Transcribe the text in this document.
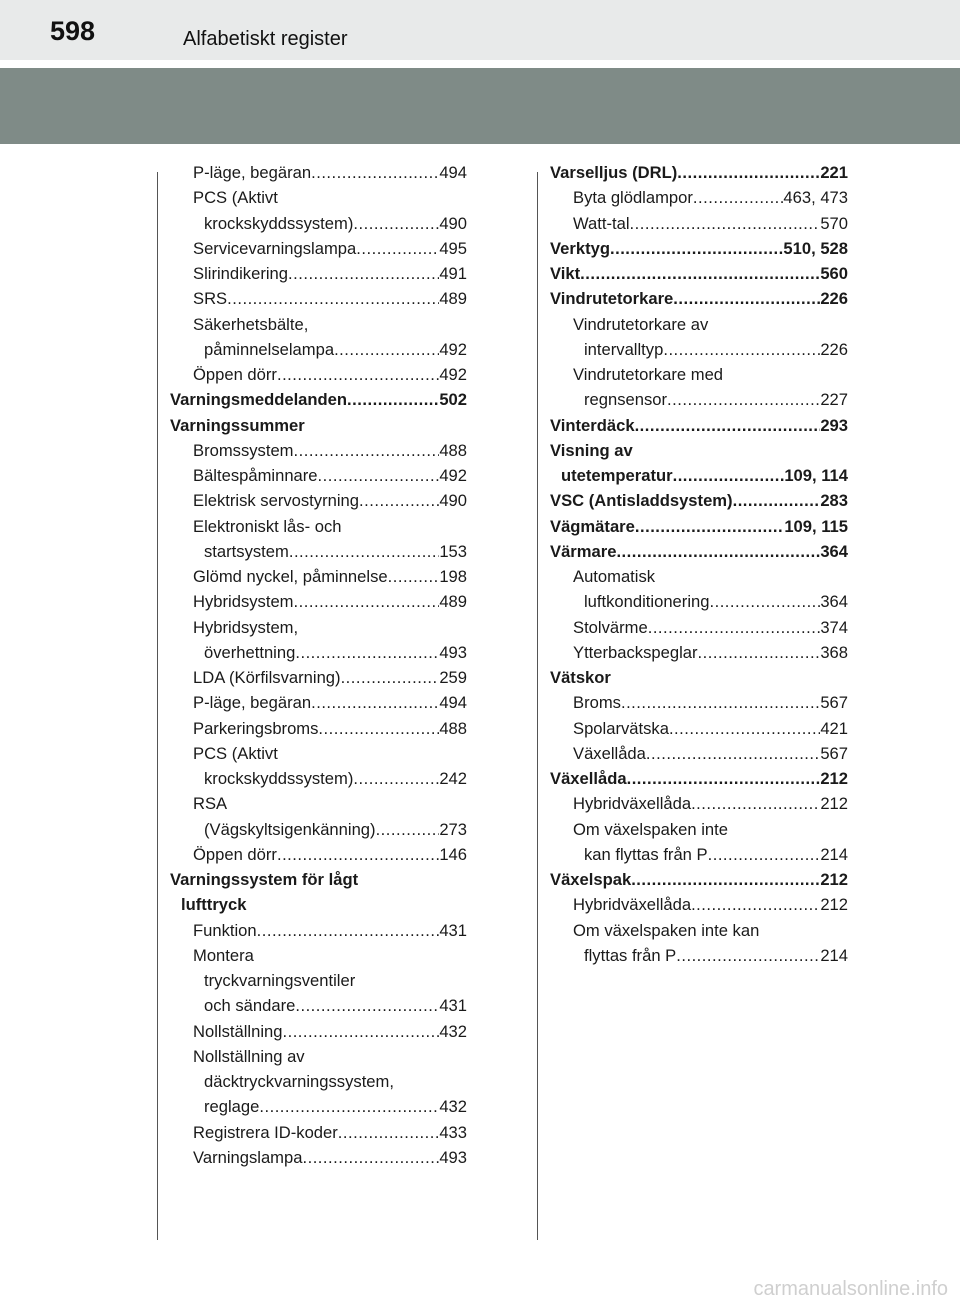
598	Alfabetiskt register
P-läge, begäran .....	494
PCS (Aktivt
krockskyddssystem) .....	490
Servicevarningslampa .....	495
Slirindikering .....	491
SRS .....	489
Säkerhetsbälte,
påminnelselampa .....	492
Öppen dörr .....	492
Varningsmeddelanden .....	502
Varningssummer
Bromssystem .....	488
Bältespåminnare .....	492
Elektrisk servostyrning .....	490
Elektroniskt lås- och
startsystem .....	153
Glömd nyckel, påminnelse .....	198
Hybridsystem .....	489
Hybridsystem,
överhettning .....	493
LDA (Körfilsvarning) .....	259
P-läge, begäran .....	494
Parkeringsbroms .....	488
PCS (Aktivt
krockskyddssystem) .....	242
RSA
(Vägskyltsigenkänning) .....	273
Öppen dörr .....	146
Varningssystem för lågt
lufttryck
Funktion .....	431
Montera
tryckvarningsventiler
och sändare .....	431
Nollställning .....	432
Nollställning av
däcktryckvarningssystem,
reglage .....	432
Registrera ID-koder .....	433
Varningslampa .....	493
Varselljus (DRL) .....	221
Byta glödlampor .....	463, 473
Watt-tal .....	570
Verktyg .....	510, 528
Vikt .....	560
Vindrutetorkare .....	226
Vindrutetorkare av
intervalltyp .....	226
Vindrutetorkare med
regnsensor .....	227
Vinterdäck .....	293
Visning av
utetemperatur .....	109, 114
VSC (Antisladdsystem) .....	283
Vägmätare .....	109, 115
Värmare .....	364
Automatisk
luftkonditionering .....	364
Stolvärme .....	374
Ytterbackspeglar .....	368
Vätskor
Broms .....	567
Spolarvätska .....	421
Växellåda .....	567
Växellåda .....	212
Hybridväxellåda .....	212
Om växelspaken inte
kan flyttas från P .....	214
Växelspak .....	212
Hybridväxellåda .....	212
Om växelspaken inte kan
flyttas från P .....	214
carmanualsonline.info
